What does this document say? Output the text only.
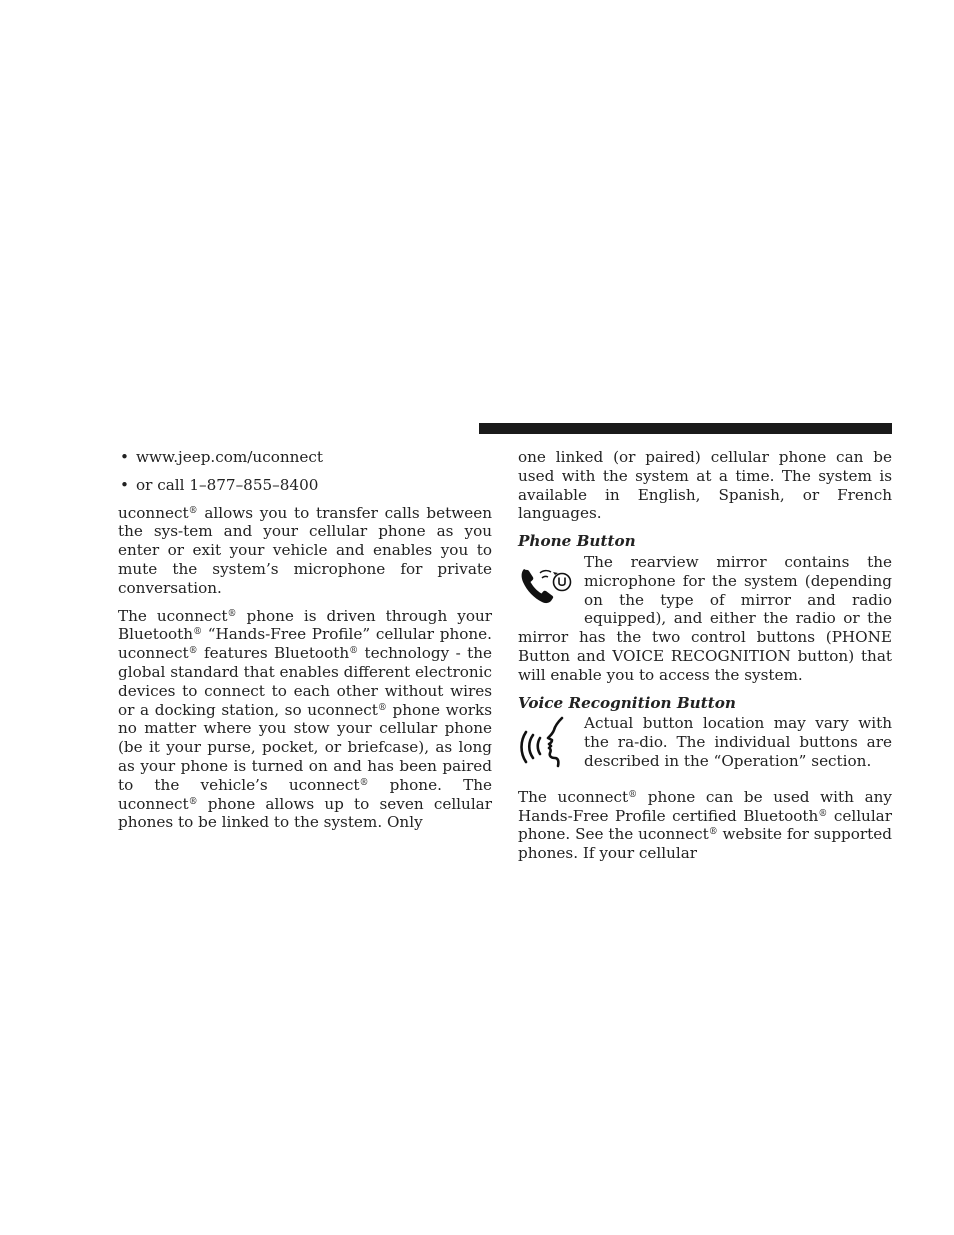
• www.jeep.com/uconnect
• or call 1–877–855–8400

uconnect® allows you to transfer calls between the sys-tem and your cellular phone as you enter or exit your vehicle and enables you to mute the system’s microphone for private conversation.

The uconnect® phone is driven through your Bluetooth® “Hands-Free Profile” cellular phone. uconnect® features Bluetooth® technology - the global standard that enables different electronic devices to connect to each other without wires or a docking station, so uconnect® phone works no matter where you stow your cellular phone (be it your purse, pocket, or briefcase), as long as your phone is turned on and has been paired to the vehicle’s uconnect® phone. The uconnect® phone allows up to seven cellular phones to be linked to the system. Only

one linked (or paired) cellular phone can be used with the system at a time. The system is available in English, Spanish, or French languages.

Phone Button
The rearview mirror contains the microphone for the system (depending on the type of mirror and radio equipped), and either the radio or the mirror has the two control buttons (PHONE Button and VOICE RECOGNITION button) that will enable you to access the system.
Voice Recognition Button
Actual button location may vary with the ra-dio. The individual buttons are described in the “Operation” section.

The uconnect® phone can be used with any Hands-Free Profile certified Bluetooth® cellular phone. See the uconnect® website for supported phones. If your cellular
